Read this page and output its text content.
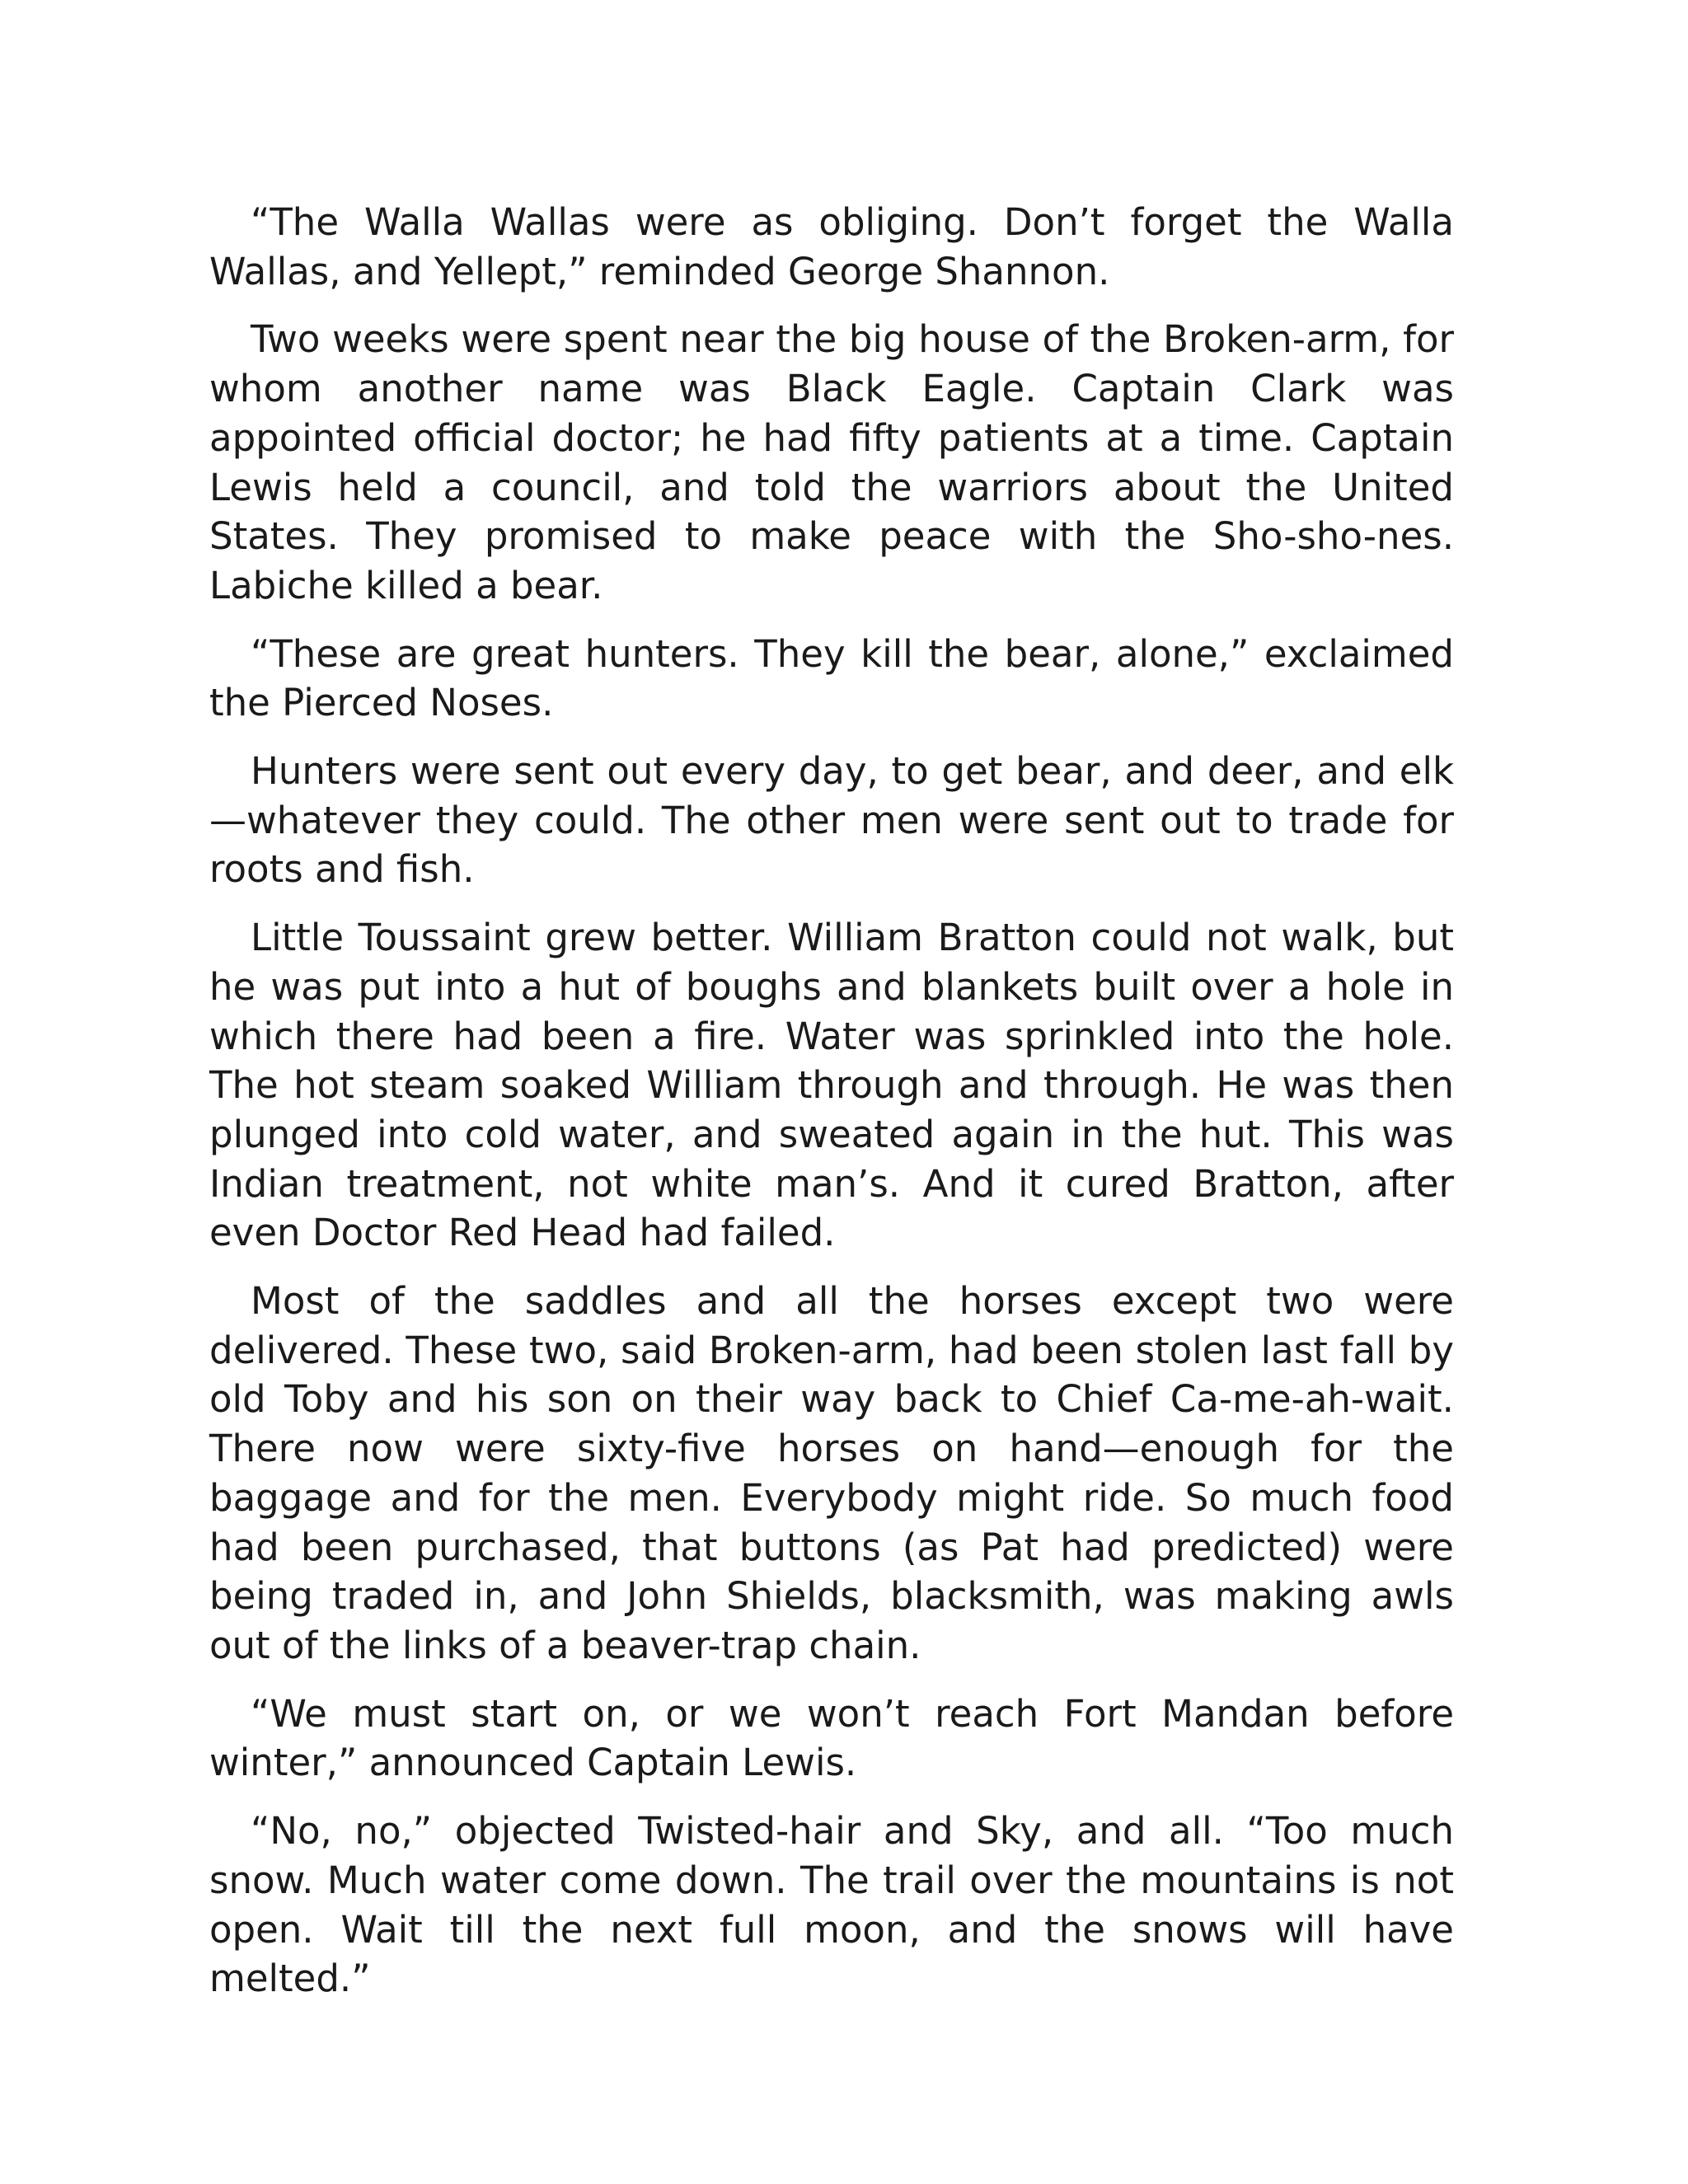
“The Walla Wallas were as obliging. Don’t forget the Walla Wallas, and Yellept,” reminded George Shannon.

Two weeks were spent near the big house of the Broken-arm, for whom another name was Black Eagle. Captain Clark was appointed official doctor; he had fifty patients at a time. Captain Lewis held a council, and told the warriors about the United States. They promised to make peace with the Sho-sho-nes. Labiche killed a bear.

“These are great hunters. They kill the bear, alone,” exclaimed the Pierced Noses.

Hunters were sent out every day, to get bear, and deer, and elk—whatever they could. The other men were sent out to trade for roots and fish.

Little Toussaint grew better. William Bratton could not walk, but he was put into a hut of boughs and blankets built over a hole in which there had been a fire. Water was sprinkled into the hole. The hot steam soaked William through and through. He was then plunged into cold water, and sweated again in the hut. This was Indian treatment, not white man’s. And it cured Bratton, after even Doctor Red Head had failed.

Most of the saddles and all the horses except two were delivered. These two, said Broken-arm, had been stolen last fall by old Toby and his son on their way back to Chief Ca-me-ah-wait. There now were sixty-five horses on hand—enough for the baggage and for the men. Everybody might ride. So much food had been purchased, that buttons (as Pat had predicted) were being traded in, and John Shields, blacksmith, was making awls out of the links of a beaver-trap chain.

“We must start on, or we won’t reach Fort Mandan before winter,” announced Captain Lewis.

“No, no,” objected Twisted-hair and Sky, and all. “Too much snow. Much water come down. The trail over the mountains is not open. Wait till the next full moon, and the snows will have melted.”
